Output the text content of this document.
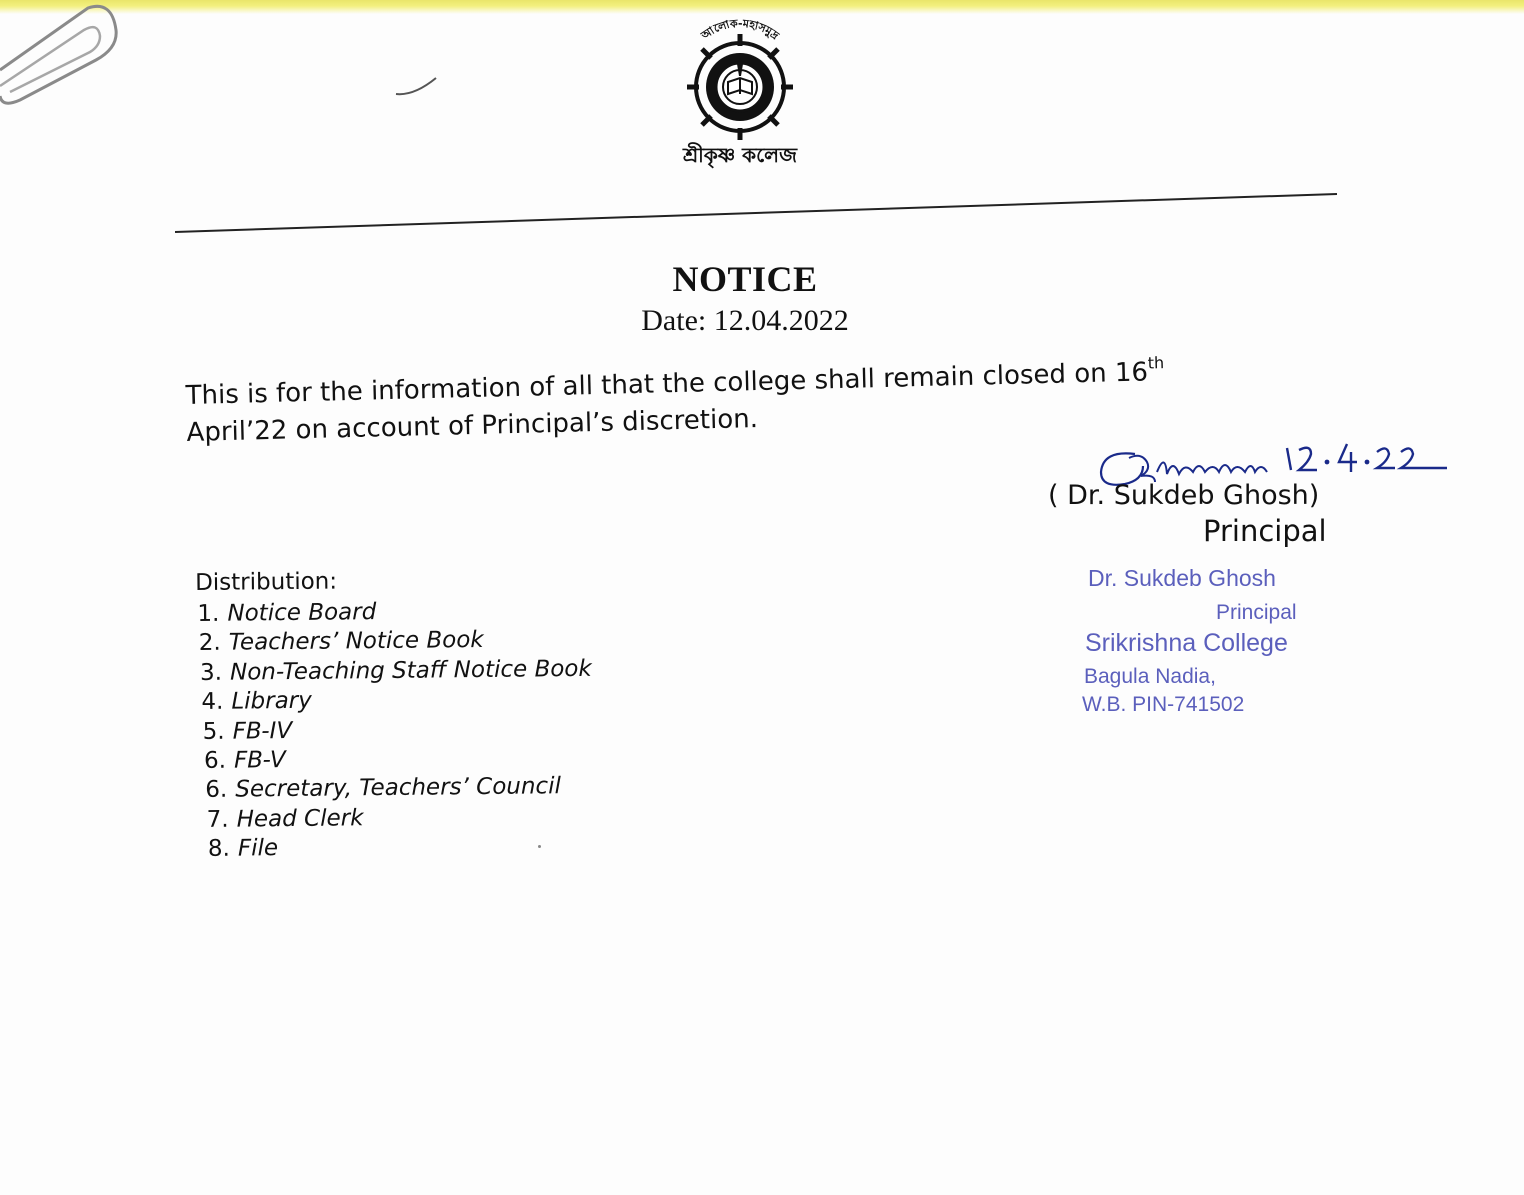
আলোক-মহাসমুদ্র
শ্রীকৃষ্ণ কলেজ
NOTICE
Date: 12.04.2022
This is for the information of all that the college shall remain closed on 16th
April’22 on account of Principal’s discretion.
( Dr. Sukdeb Ghosh)
Principal
Dr. Sukdeb Ghosh
Principal
Srikrishna College
Bagula Nadia,
W.B. PIN-741502
Distribution:
1. Notice Board
2. Teachers’ Notice Book
3. Non-Teaching Staff Notice Book
4. Library
5. FB-IV
6. FB-V
6. Secretary, Teachers’ Council
7. Head Clerk
8. File
